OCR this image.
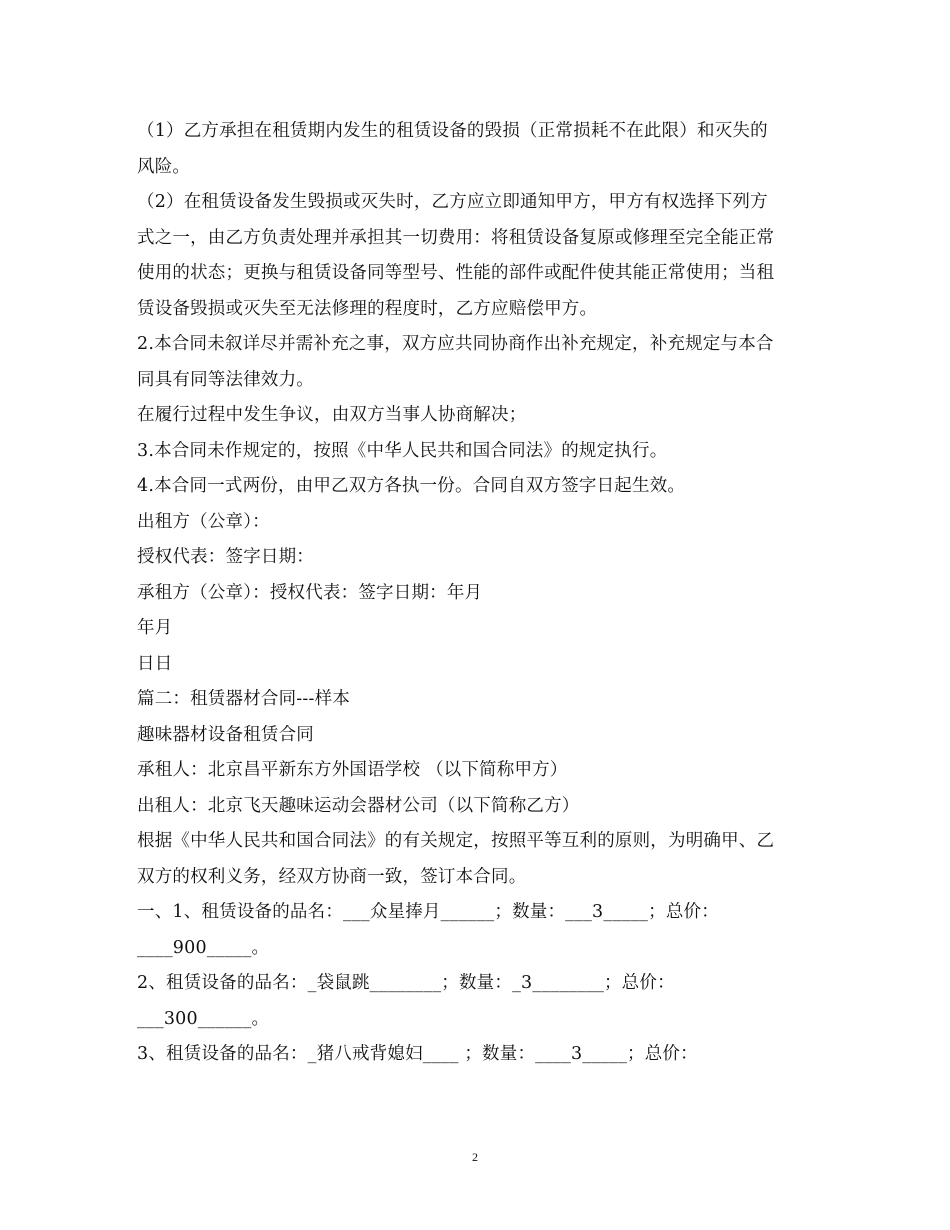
（1）乙方承担在租赁期内发生的租赁设备的毁损（正常损耗不在此限）和灭失的

风险。

（2）在租赁设备发生毁损或灭失时，乙方应立即通知甲方，甲方有权选择下列方

式之一，由乙方负责处理并承担其一切费用：将租赁设备复原或修理至完全能正常

使用的状态；更换与租赁设备同等型号、性能的部件或配件使其能正常使用；当租

赁设备毁损或灭失至无法修理的程度时，乙方应赔偿甲方。

2.本合同未叙详尽并需补充之事，双方应共同协商作出补充规定，补充规定与本合

同具有同等法律效力。

在履行过程中发生争议，由双方当事人协商解决；

3.本合同未作规定的，按照《中华人民共和国合同法》的规定执行。

4.本合同一式两份，由甲乙双方各执一份。合同自双方签字日起生效。

出租方（公章）：

授权代表：签字日期：

承租方（公章）：授权代表：签字日期：年月

年月

日日

篇二：租赁器材合同---样本

趣味器材设备租赁合同

承租人：北京昌平新东方外国语学校 （以下简称甲方）

出租人：北京飞天趣味运动会器材公司（以下简称乙方）

根据《中华人民共和国合同法》的有关规定，按照平等互利的原则，为明确甲、乙

双方的权利义务，经双方协商一致，签订本合同。

一、1、租赁设备的品名：___众星捧月______；数量：___3_____；总价：

____900_____。

2、租赁设备的品名：_袋鼠跳________；数量：_3________；总价：

___300______。

3、租赁设备的品名：_猪八戒背媳妇____ ；数量：____3_____；总价：

2
